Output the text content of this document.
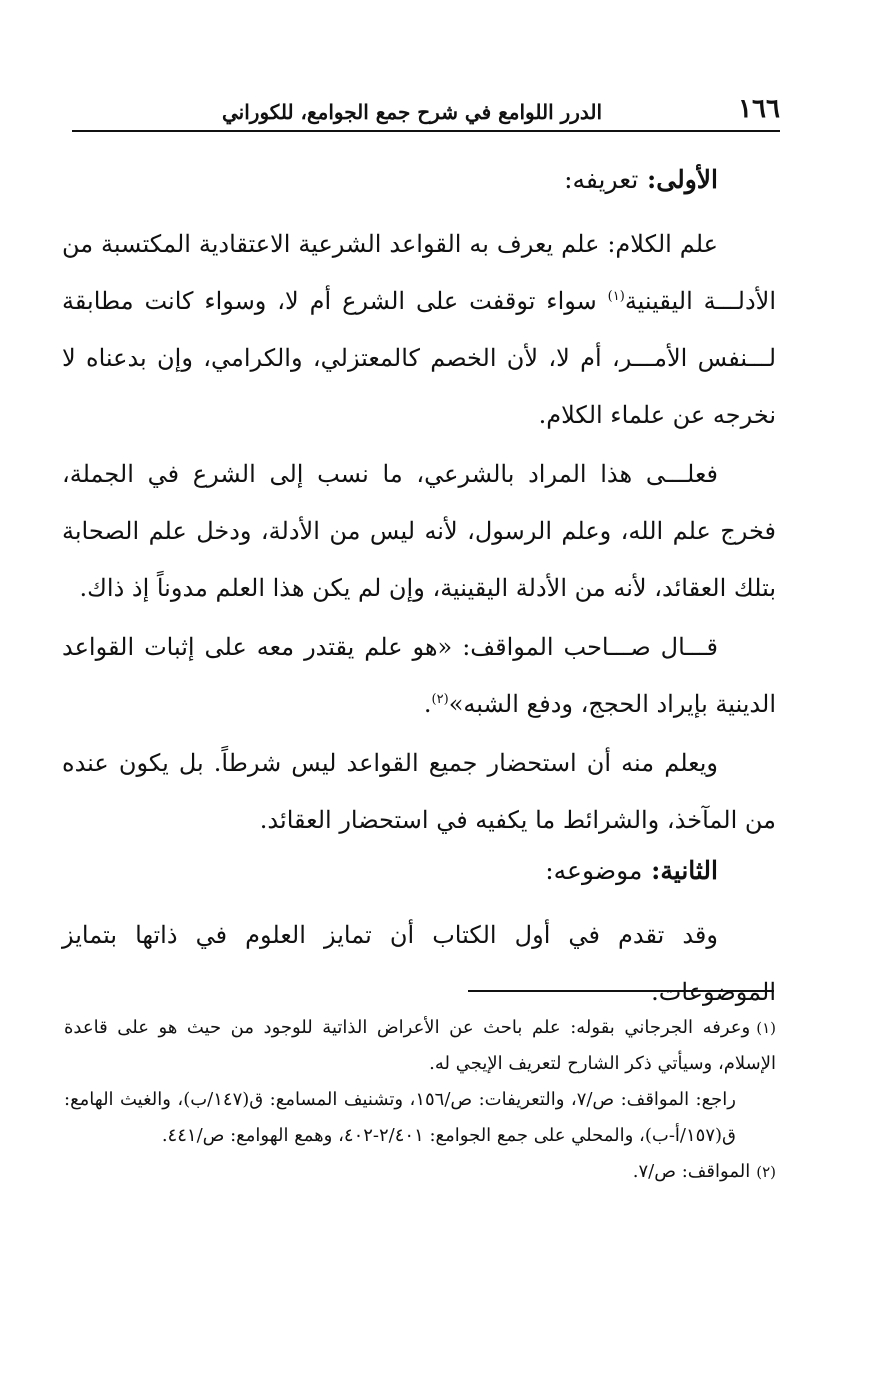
١٦٦
الدرر اللوامع في شرح جمع الجوامع، للكوراني

الأولى: تعريفه:

علم الكلام: علم يعرف به القواعد الشرعية الاعتقادية المكتسبة من الأدلـــة اليقينية$^{(١)}$ سواء توقفت على الشرع أم لا، وسواء كانت مطابقة لـــنفس الأمـــر، أم لا، لأن الخصم كالمعتزلي، والكرامي، وإن بدعناه لا نخرجه عن علماء الكلام.

فعلـــى هذا المراد بالشرعي، ما نسب إلى الشرع في الجملة، فخرج علم الله، وعلم الرسول، لأنه ليس من الأدلة، ودخل علم الصحابة بتلك العقائد، لأنه من الأدلة اليقينية، وإن لم يكن هذا العلم مدوناً إذ ذاك.

قـــال صـــاحب المواقف: «هو علم يقتدر معه على إثبات القواعد الدينية بإيراد الحجج، ودفع الشبه»$^{(٢)}$.

ويعلم منه أن استحضار جميع القواعد ليس شرطاً. بل يكون عنده من المآخذ، والشرائط ما يكفيه في استحضار العقائد.

الثانية: موضوعه:

وقد تقدم في أول الكتاب أن تمايز العلوم في ذاتها بتمايز الموضوعات.

(١)وعرفه الجرجاني بقوله: علم باحث عن الأعراض الذاتية للوجود من حيث هو على قاعدة الإسلام، وسيأتي ذكر الشارح لتعريف الإيجي له.

راجع: المواقف: ص/٧، والتعريفات: ص/١٥٦، وتشنيف المسامع: ق(١٤٧/ب)، والغيث الهامع: ق(١٥٧/أ-ب)، والمحلي على جمع الجوامع: ٢/٤٠١-٤٠٢، وهمع الهوامع: ص/٤٤١.

(٢)المواقف: ص/٧.
